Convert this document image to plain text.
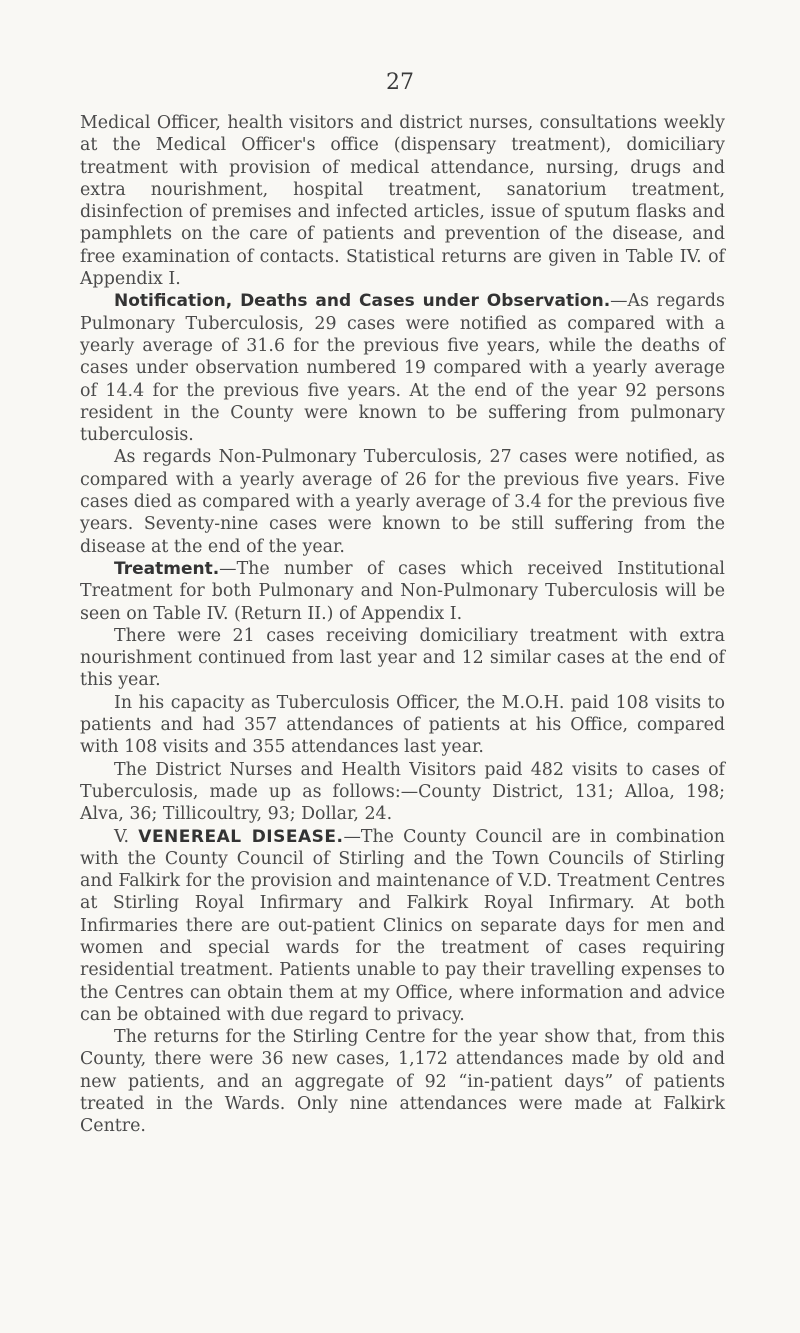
27

Medical Officer, health visitors and district nurses, consultations weekly at the Medical Officer's office (dispensary treatment), domiciliary treatment with provision of medical attendance, nursing, drugs and extra nourishment, hospital treatment, sanatorium treatment, disinfection of premises and infected articles, issue of sputum flasks and pamphlets on the care of patients and prevention of the disease, and free examination of contacts. Statistical returns are given in Table IV. of Appendix I.

Notification, Deaths and Cases under Observation.—As regards Pulmonary Tuberculosis, 29 cases were notified as compared with a yearly average of 31.6 for the previous five years, while the deaths of cases under observation numbered 19 compared with a yearly average of 14.4 for the previous five years. At the end of the year 92 persons resident in the County were known to be suffering from pulmonary tuberculosis.

As regards Non-Pulmonary Tuberculosis, 27 cases were notified, as compared with a yearly average of 26 for the previous five years. Five cases died as compared with a yearly average of 3.4 for the previous five years. Seventy-nine cases were known to be still suffering from the disease at the end of the year.

Treatment.—The number of cases which received Institutional Treatment for both Pulmonary and Non-Pulmonary Tuberculosis will be seen on Table IV. (Return II.) of Appendix I.

There were 21 cases receiving domiciliary treatment with extra nourishment continued from last year and 12 similar cases at the end of this year.

In his capacity as Tuberculosis Officer, the M.O.H. paid 108 visits to patients and had 357 attendances of patients at his Office, compared with 108 visits and 355 attendances last year.

The District Nurses and Health Visitors paid 482 visits to cases of Tuberculosis, made up as follows:—County District, 131; Alloa, 198; Alva, 36; Tillicoultry, 93; Dollar, 24.

V. VENEREAL DISEASE.—The County Council are in combination with the County Council of Stirling and the Town Councils of Stirling and Falkirk for the provision and maintenance of V.D. Treatment Centres at Stirling Royal Infirmary and Falkirk Royal Infirmary. At both Infirmaries there are out-patient Clinics on separate days for men and women and special wards for the treatment of cases requiring residential treatment. Patients unable to pay their travelling expenses to the Centres can obtain them at my Office, where information and advice can be obtained with due regard to privacy.

The returns for the Stirling Centre for the year show that, from this County, there were 36 new cases, 1,172 attendances made by old and new patients, and an aggregate of 92 “in-patient days” of patients treated in the Wards. Only nine attendances were made at Falkirk Centre.
